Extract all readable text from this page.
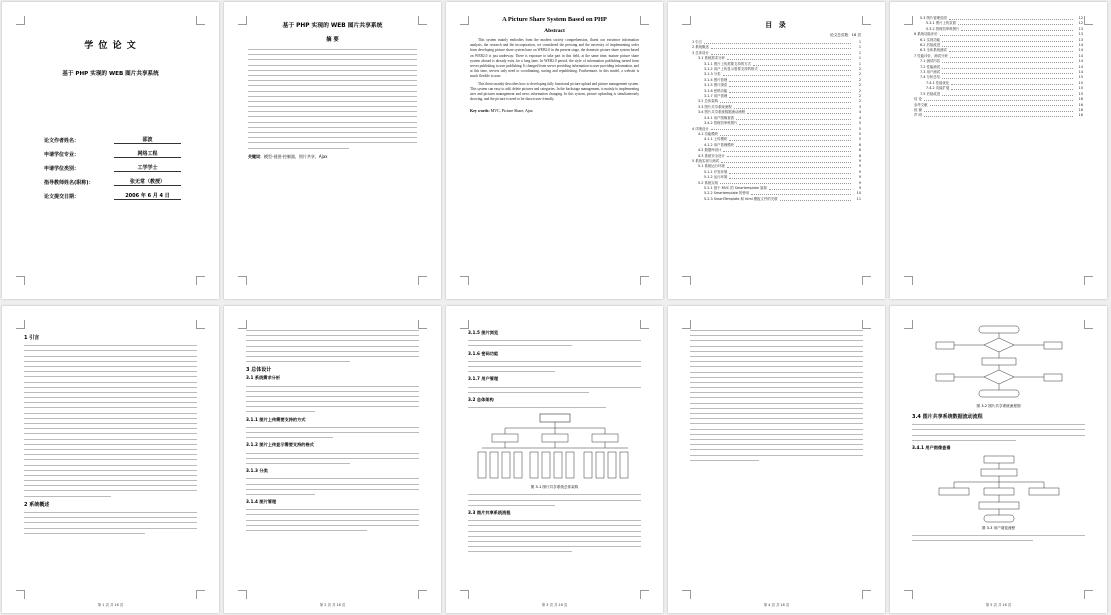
学 位 论 文
基于 PHP 实现的 WEB 图片共享系统
论文作者姓名：	邵波
申请学位专业：	网络工程
申请学位类别：	工学学士
指导教师姓名(职称)：	张无常（教授）
论文提交日期：	2006 年 6 月 4 日
基于 PHP 实现的 WEB 图片共享系统
摘 要
关键词：模型-视图-控制器，图片共享，Ajax
A Picture Share System Based on PHP
Abstract
This system mainly embodies from the modern society comprehension, fluent our existence information analysis, the research and the incorporation, we considered the pressing and the necessity of implementing order from developing picture share system base on WEB2.0 in the present stage, the domestic picture share system based on WEB2.0 is just underway. There is exposure to take part in this field, at the same time, mature picture share system abroad is already exist for a long time. In WEB2.0 period, the style of information publishing turned from server publishing to user publishing. It changed from server providing information to user providing information, and at this time, servers only need to coordinating, sorting and republishing. Furthermore, in this model, a website is much flexible to user.
This thesis mainly describes how to developing fully functional picture upload and picture management system. This system can easy to add, delete pictures and categories. In the backstage management, is mainly to implementing user and pictures management and news information changing. In this system, picture uploading is simultaneously showing, and the picture is need to be shown user friendly.
Key words: MVC, Picture Share, Ajax
目 录
论文总页数：16 页
1 引言	1
2 系统概述	1
3 总体设计	1
3.1 系统需求分析	1
3.1.1 图片上传需要支持的方式	1
3.1.2 用户上传显示需要支持的格式	2
3.1.3 分类	2
3.1.4 图片管理	2
3.1.5 图片浏览	2
3.1.6 密码功能	2
3.1.7 用户管理	2
3.2 总体架构	2
3.3 图片共享系统流程	3
3.4 图片共享系统数据流动流程	4
3.4.1 用户图像查看	4
3.4.2 管理员审核图片	5
4 详细设计	5
4.1 功能模块	5
4.1.1 上传模块	5
4.1.2 用户管理模块	6
4.2 数据库设计	6
4.3 系统安全设计	8
5 系统实现与测试	9
5.1 系统运行环境	9
5.1.1 开发环境	9
5.1.2 运行环境	9
5.2 系统实现	9
5.2.1 基于 MVC 的 Smartemplate 架构	9
5.2.2 Smartemplate 的使用	10
5.2.3 SmartTemplate 和 html 模板文件的关联	11
5.3 图片管理页面	12
5.3.1 图片上传页面	12
5.3.2 管理员审核图片	13
6 系统功能评价	13
6.1 实现功能	13
6.2 后续改进	14
6.3 全体系统测试	14
7 性能评价、测试分析	14
7.1 测试内容	14
7.2 性能测试	14
7.3 用户测试	14
7.4 分析总结	15
7.4.1 性能优化	15
7.4.2 功能扩展	15
7.5 后续改进	15
结 论	16
参考文献	16
致 谢	16
声 明	16
1 引言
2 系统概述
第 1 页 共 16 页
3 总体设计
3.1 系统需求分析
3.1.1 图片上传需要支持的方式
3.1.2 图片上传显示需要支持的格式
3.1.3 分类
3.1.4 图片管理
第 2 页 共 16 页
3.1.5 图片浏览
3.1.6 密码功能
3.1.7 用户管理
3.2 总体架构
图 3-1 图片共享系统总体架构
3.3 图片共享系统流程
第 3 页 共 16 页	第 4 页 共 16 页
图 3-2 图片共享系统流程图
3.4 图片共享系统数据流动流程
3.4.1 用户图像查看
图 3-3 用户浏览流程
第 5 页 共 16 页
